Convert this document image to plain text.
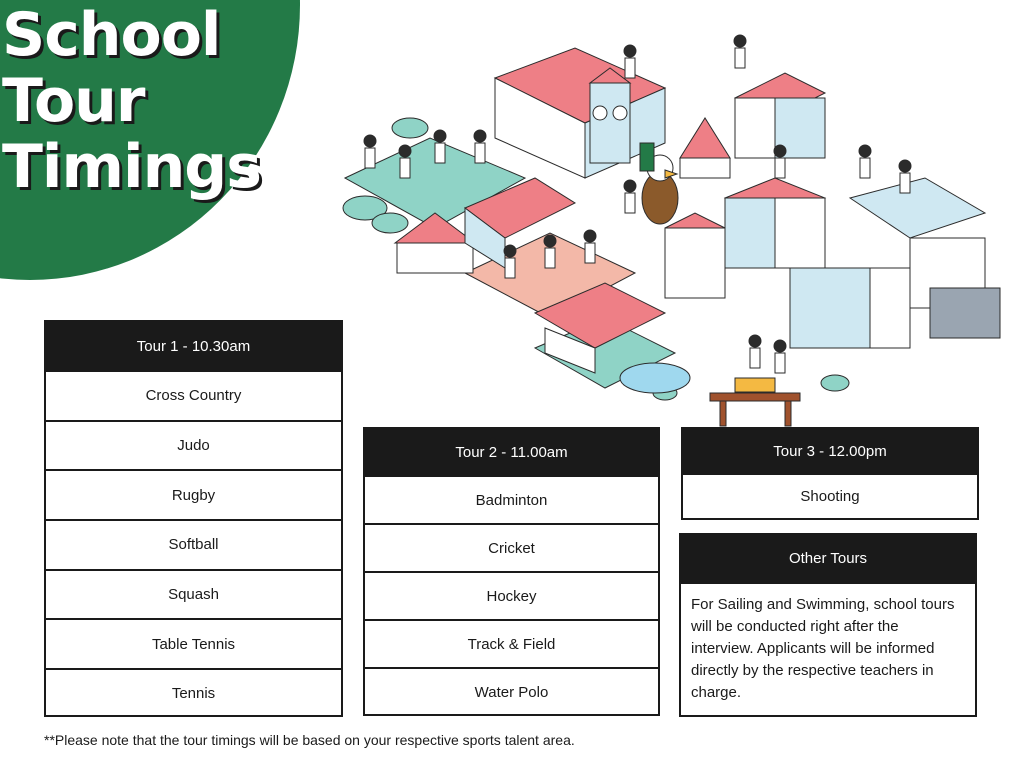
School
Tour
Timings
Tour 1 - 10.30am
Cross Country
Judo
Rugby
Softball
Squash
Table Tennis
Tennis
Tour 2 - 11.00am
Badminton
Cricket
Hockey
Track & Field
Water Polo
Tour 3 - 12.00pm
Shooting
Other Tours
For Sailing and Swimming, school tours will be conducted right after the interview. Applicants will be informed directly by the respective teachers in charge.
**Please note that the tour timings will be based on your respective sports talent area.
